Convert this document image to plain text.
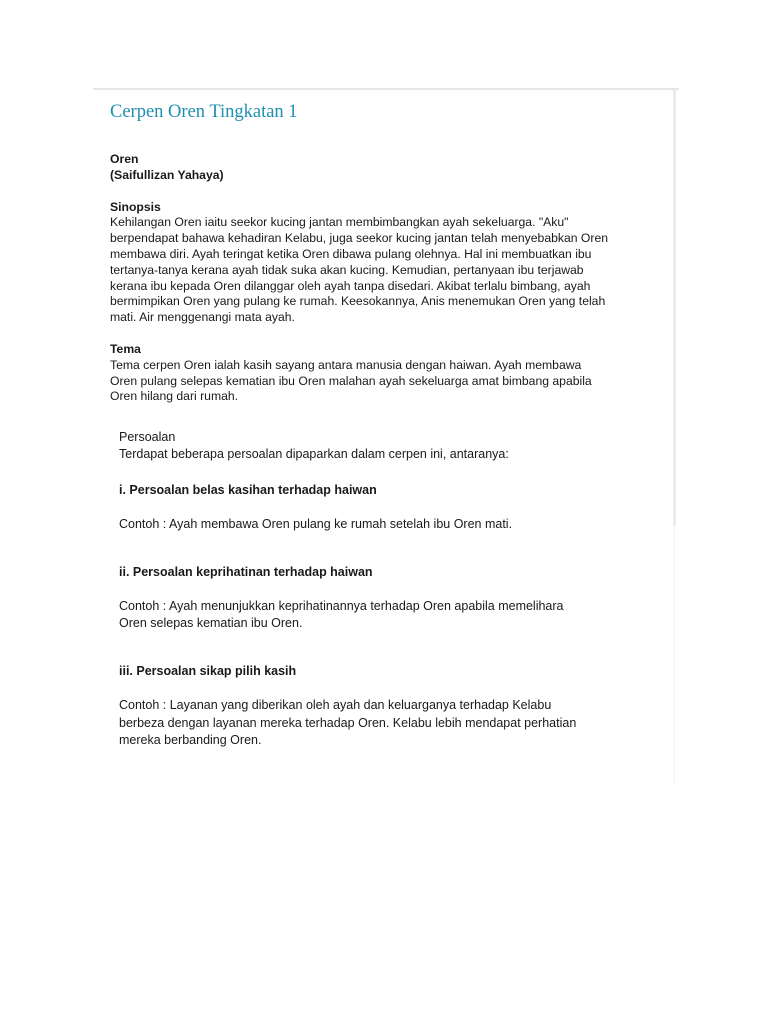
Cerpen Oren Tingkatan 1

Oren

(Saifullizan Yahaya)

Sinopsis

Kehilangan Oren iaitu seekor kucing jantan membimbangkan ayah sekeluarga. "Aku"

berpendapat bahawa kehadiran Kelabu, juga seekor kucing jantan telah menyebabkan Oren

membawa diri. Ayah teringat ketika Oren dibawa pulang olehnya. Hal ini membuatkan ibu

tertanya-tanya kerana ayah tidak suka akan kucing. Kemudian, pertanyaan ibu terjawab

kerana ibu kepada Oren dilanggar oleh ayah tanpa disedari. Akibat terlalu bimbang, ayah

bermimpikan Oren yang pulang ke rumah. Keesokannya, Anis menemukan Oren yang telah

mati. Air menggenangi mata ayah.

Tema

Tema cerpen Oren ialah kasih sayang antara manusia dengan haiwan. Ayah membawa

Oren pulang selepas kematian ibu Oren malahan ayah sekeluarga amat bimbang apabila

Oren hilang dari rumah.

Persoalan

Terdapat beberapa persoalan dipaparkan dalam cerpen ini, antaranya:

i. Persoalan belas kasihan terhadap haiwan

Contoh : Ayah membawa Oren pulang ke rumah setelah ibu Oren mati.

ii. Persoalan keprihatinan terhadap haiwan

Contoh : Ayah menunjukkan keprihatinannya terhadap Oren apabila memelihara

Oren selepas kematian ibu Oren.

iii. Persoalan sikap pilih kasih

Contoh : Layanan yang diberikan oleh ayah dan keluarganya terhadap Kelabu

berbeza dengan layanan mereka terhadap Oren. Kelabu lebih mendapat perhatian

mereka berbanding Oren.
